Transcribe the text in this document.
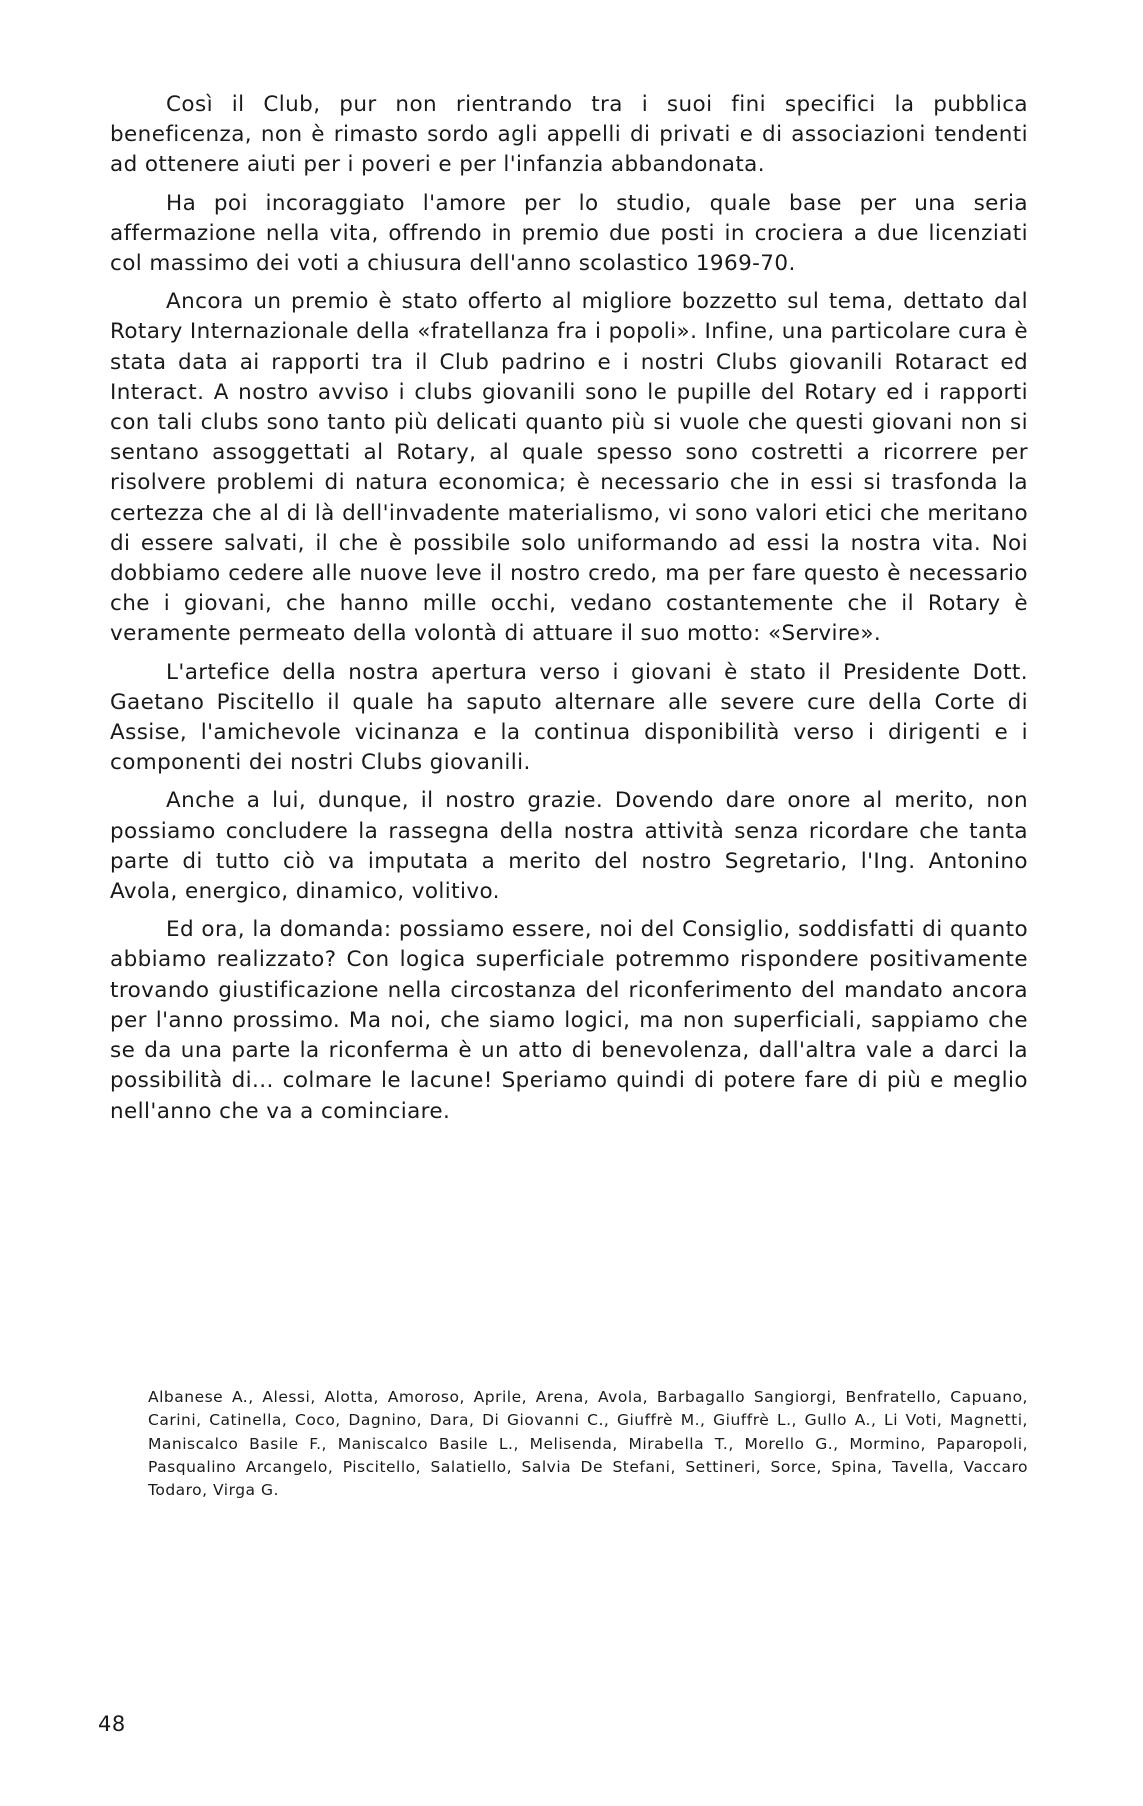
Così il Club, pur non rientrando tra i suoi fini specifici la pubblica beneficenza, non è rimasto sordo agli appelli di privati e di associazioni tendenti ad ottenere aiuti per i poveri e per l'infanzia abbandonata.

Ha poi incoraggiato l'amore per lo studio, quale base per una seria affermazione nella vita, offrendo in premio due posti in crociera a due licenziati col massimo dei voti a chiusura dell'anno scolastico 1969-70.

Ancora un premio è stato offerto al migliore bozzetto sul tema, dettato dal Rotary Internazionale della «fratellanza fra i popoli». Infine, una particolare cura è stata data ai rapporti tra il Club padrino e i nostri Clubs giovanili Rotaract ed Interact. A nostro avviso i clubs giovanili sono le pupille del Rotary ed i rapporti con tali clubs sono tanto più delicati quanto più si vuole che questi giovani non si sentano assoggettati al Rotary, al quale spesso sono costretti a ricorrere per risolvere problemi di natura economica; è necessario che in essi si trasfonda la certezza che al di là dell'invadente materialismo, vi sono valori etici che meritano di essere salvati, il che è possibile solo uniformando ad essi la nostra vita. Noi dobbiamo cedere alle nuove leve il nostro credo, ma per fare questo è necessario che i giovani, che hanno mille occhi, vedano costantemente che il Rotary è veramente permeato della volontà di attuare il suo motto: «Servire».

L'artefice della nostra apertura verso i giovani è stato il Presidente Dott. Gaetano Piscitello il quale ha saputo alternare alle severe cure della Corte di Assise, l'amichevole vicinanza e la continua disponibilità verso i dirigenti e i componenti dei nostri Clubs giovanili.

Anche a lui, dunque, il nostro grazie. Dovendo dare onore al merito, non possiamo concludere la rassegna della nostra attività senza ricordare che tanta parte di tutto ciò va imputata a merito del nostro Segretario, l'Ing. Antonino Avola, energico, dinamico, volitivo.

Ed ora, la domanda: possiamo essere, noi del Consiglio, soddisfatti di quanto abbiamo realizzato? Con logica superficiale potremmo rispondere positivamente trovando giustificazione nella circostanza del riconferimento del mandato ancora per l'anno prossimo. Ma noi, che siamo logici, ma non superficiali, sappiamo che se da una parte la riconferma è un atto di benevolenza, dall'altra vale a darci la possibilità di... colmare le lacune! Speriamo quindi di potere fare di più e meglio nell'anno che va a cominciare.

Albanese A., Alessi, Alotta, Amoroso, Aprile, Arena, Avola, Barbagallo Sangiorgi, Benfratello, Capuano, Carini, Catinella, Coco, Dagnino, Dara, Di Giovanni C., Giuffrè M., Giuffrè L., Gullo A., Li Voti, Magnetti, Maniscalco Basile F., Maniscalco Basile L., Melisenda, Mirabella T., Morello G., Mormino, Paparopoli, Pasqualino Arcangelo, Piscitello, Salatiello, Salvia De Stefani, Settineri, Sorce, Spina, Tavella, Vaccaro Todaro, Virga G.

48
